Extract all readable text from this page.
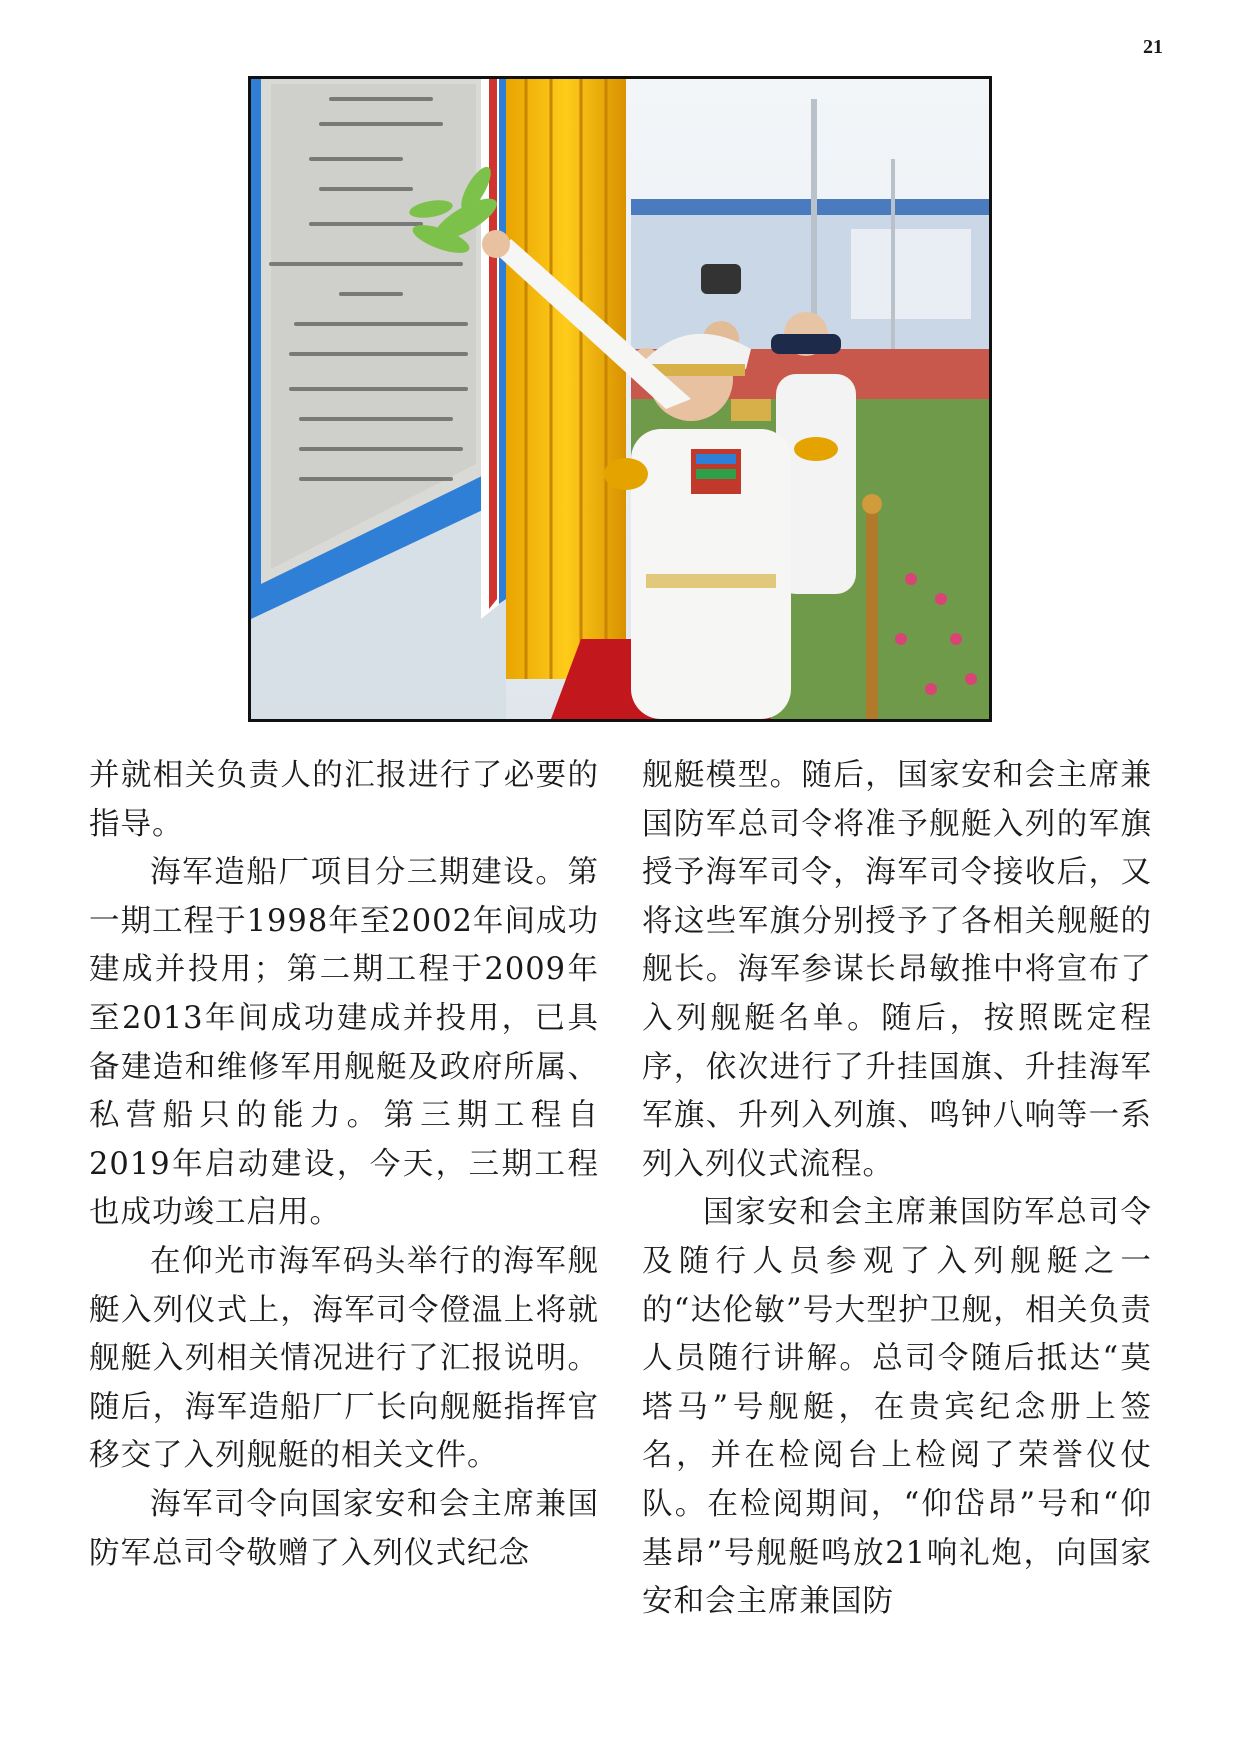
21

并就相关负责人的汇报进行了必要的指导。

海军造船厂项目分三期建设。第一期工程于1998年至2002年间成功建成并投用；第二期工程于2009年至2013年间成功建成并投用，已具备建造和维修军用舰艇及政府所属、私营船只的能力。第三期工程自2019年启动建设，今天，三期工程也成功竣工启用。

在仰光市海军码头举行的海军舰艇入列仪式上，海军司令僜温上将就舰艇入列相关情况进行了汇报说明。随后，海军造船厂厂长向舰艇指挥官移交了入列舰艇的相关文件。

海军司令向国家安和会主席兼国防军总司令敬赠了入列仪式纪念

舰艇模型。随后，国家安和会主席兼国防军总司令将准予舰艇入列的军旗授予海军司令，海军司令接收后，又将这些军旗分别授予了各相关舰艇的舰长。海军参谋长昂敏推中将宣布了入列舰艇名单。随后，按照既定程序，依次进行了升挂国旗、升挂海军军旗、升列入列旗、鸣钟八响等一系列入列仪式流程。

国家安和会主席兼国防军总司令及随行人员参观了入列舰艇之一的“达伦敏”号大型护卫舰，相关负责人员随行讲解。总司令随后抵达“莫塔马”号舰艇，在贵宾纪念册上签名，并在检阅台上检阅了荣誉仪仗队。在检阅期间，“仰岱昂”号和“仰基昂”号舰艇鸣放21响礼炮，向国家安和会主席兼国防
